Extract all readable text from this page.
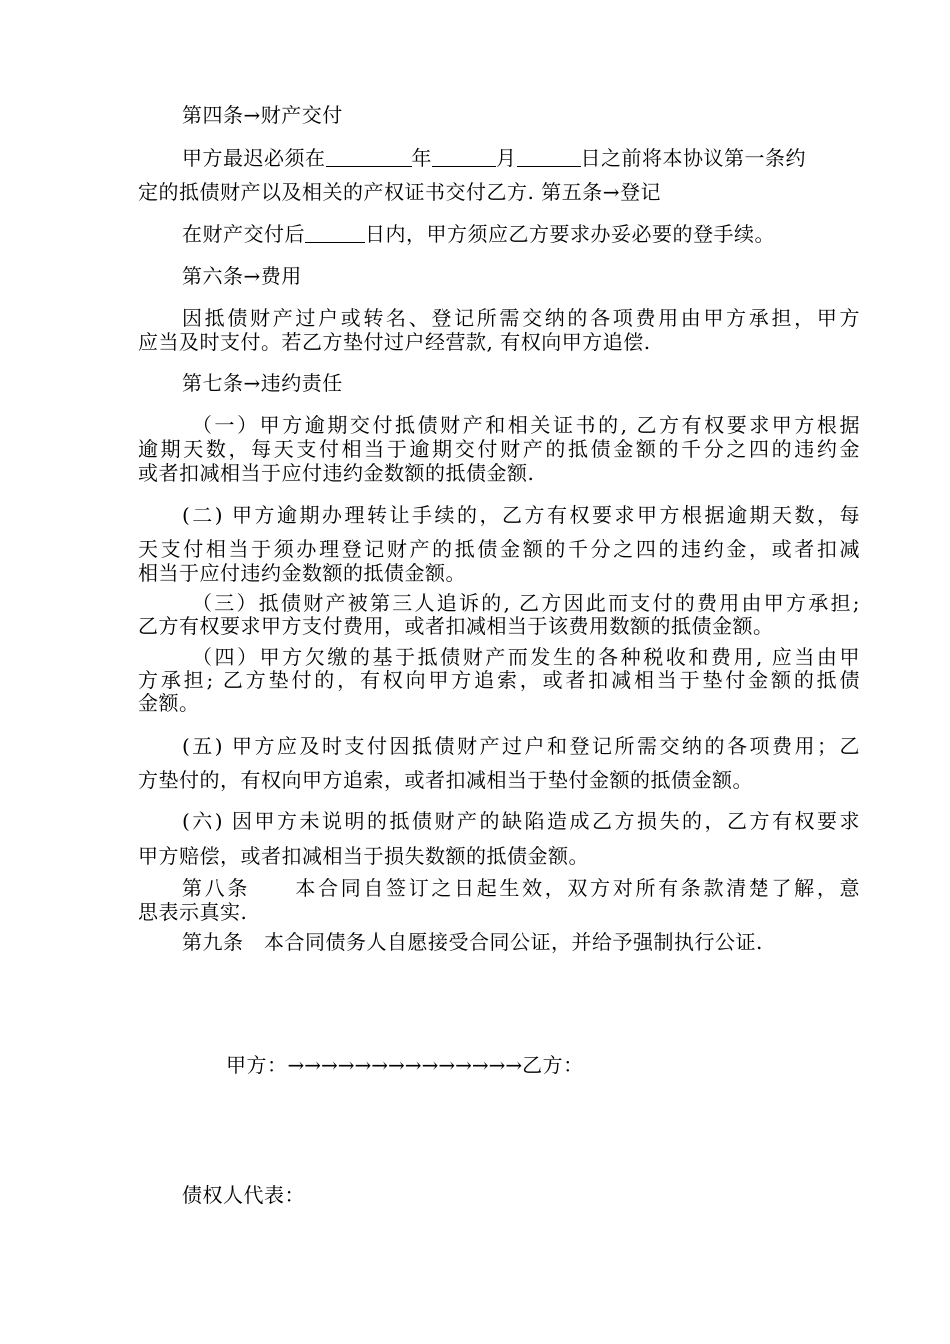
第四条→财产交付
甲方最迟必须在	年	月	日之前将本协议第一条约
定的抵债财产以及相关的产权证书交付乙方. 第五条→登记
在财产交付后	日内，甲方须应乙方要求办妥必要的登手续。
第六条→费用
因抵债财产过户或转名、登记所需交纳的各项费用由甲方承担，甲方
应当及时支付。若乙方垫付过户经营款, 有权向甲方追偿.
第七条→违约责任
（一）甲方逾期交付抵债财产和相关证书的, 乙方有权要求甲方根据
逾期天数，每天支付相当于逾期交付财产的抵债金额的千分之四的违约金
或者扣减相当于应付违约金数额的抵债金额.
(二) 甲方逾期办理转让手续的，乙方有权要求甲方根据逾期天数，每
天支付相当于须办理登记财产的抵债金额的千分之四的违约金，或者扣减
相当于应付违约金数额的抵债金额。
（三）抵债财产被第三人追诉的, 乙方因此而支付的费用由甲方承担;
乙方有权要求甲方支付费用，或者扣减相当于该费用数额的抵债金额。
（四）甲方欠缴的基于抵债财产而发生的各种税收和费用, 应当由甲
方承担; 乙方垫付的，有权向甲方追索，或者扣减相当于垫付金额的抵债
金额。
(五) 甲方应及时支付因抵债财产过户和登记所需交纳的各项费用；乙
方垫付的，有权向甲方追索，或者扣减相当于垫付金额的抵债金额。
(六) 因甲方未说明的抵债财产的缺陷造成乙方损失的，乙方有权要求
甲方赔偿，或者扣减相当于损失数额的抵债金额。
第八条　　本合同自签订之日起生效，双方对所有条款清楚了解，意
思表示真实.
第九条　本合同债务人自愿接受合同公证，并给予强制执行公证.
甲方：→→→→→→→→→→→→→→乙方：
债权人代表：
